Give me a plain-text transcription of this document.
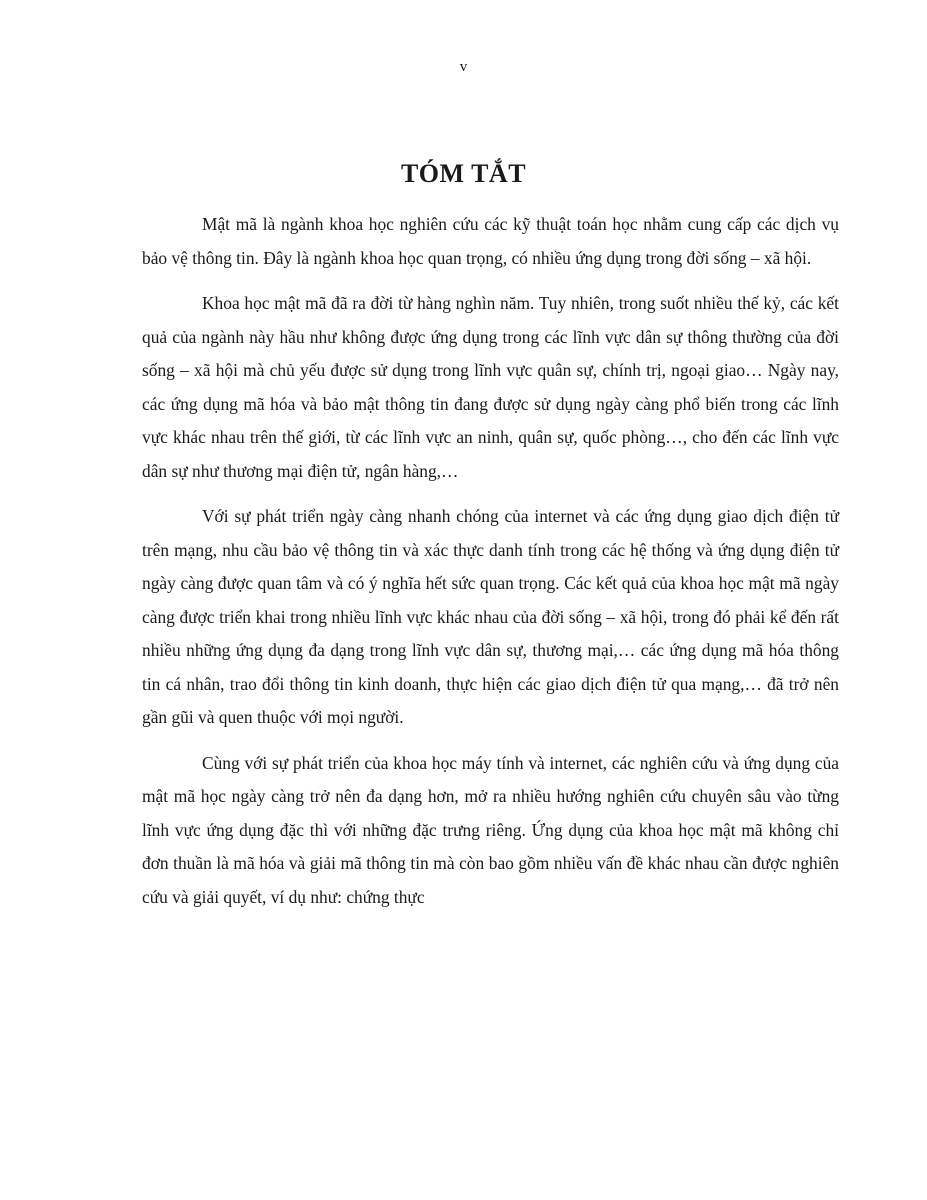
v
TÓM TẮT

Mật mã là ngành khoa học nghiên cứu các kỹ thuật toán học nhằm cung cấp các dịch vụ bảo vệ thông tin. Đây là ngành khoa học quan trọng, có nhiều ứng dụng trong đời sống – xã hội.

Khoa học mật mã đã ra đời từ hàng nghìn năm. Tuy nhiên, trong suốt nhiều thế kỷ, các kết quả của ngành này hầu như không được ứng dụng trong các lĩnh vực dân sự thông thường của đời sống – xã hội mà chủ yếu được sử dụng trong lĩnh vực quân sự, chính trị, ngoại giao… Ngày nay, các ứng dụng mã hóa và bảo mật thông tin đang được sử dụng ngày càng phổ biến trong các lĩnh vực khác nhau trên thế giới, từ các lĩnh vực an ninh, quân sự, quốc phòng…, cho đến các lĩnh vực dân sự như thương mại điện tử, ngân hàng,…

Với sự phát triển ngày càng nhanh chóng của internet và các ứng dụng giao dịch điện tử trên mạng, nhu cầu bảo vệ thông tin và xác thực danh tính trong các hệ thống và ứng dụng điện tử ngày càng được quan tâm và có ý nghĩa hết sức quan trọng. Các kết quả của khoa học mật mã ngày càng được triển khai trong nhiều lĩnh vực khác nhau của đời sống – xã hội, trong đó phải kể đến rất nhiều những ứng dụng đa dạng trong lĩnh vực dân sự, thương mại,… các ứng dụng mã hóa thông tin cá nhân, trao đổi thông tin kinh doanh, thực hiện các giao dịch điện tử qua mạng,… đã trở nên gần gũi và quen thuộc với mọi người.

Cùng với sự phát triển của khoa học máy tính và internet, các nghiên cứu và ứng dụng của mật mã học ngày càng trở nên đa dạng hơn, mở ra nhiều hướng nghiên cứu chuyên sâu vào từng lĩnh vực ứng dụng đặc thì với những đặc trưng riêng. Ứng dụng của khoa học mật mã không chỉ đơn thuần là mã hóa và giải mã thông tin mà còn bao gồm nhiều vấn đề khác nhau cần được nghiên cứu và giải quyết, ví dụ như: chứng thực
